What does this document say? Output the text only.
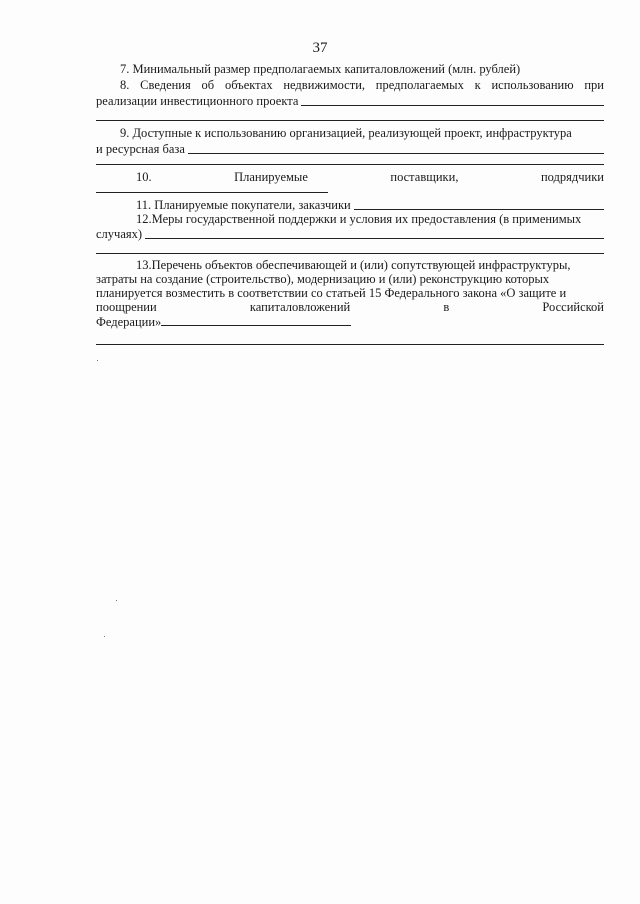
37
7. Минимальный размер предполагаемых капиталовложений (млн. рублей)
8. Сведения об объектах недвижимости, предполагаемых к использованию при
реализации инвестиционного проекта
9. Доступные к использованию организацией, реализующей проект, инфраструктура
и ресурсная база
10.	Планируемые	поставщики,	подрядчики
11. Планируемые покупатели, заказчики
12.Меры государственной поддержки и условия их предоставления (в применимых
случаях)
13.Перечень объектов обеспечивающей и (или) сопутствующей инфраструктуры,
затраты на создание (строительство), модернизацию и (или) реконструкцию которых
планируется возместить в соответствии со статьей 15 Федерального закона «О защите и
поощрении	капиталовложений	в	Российской
Федерации»
